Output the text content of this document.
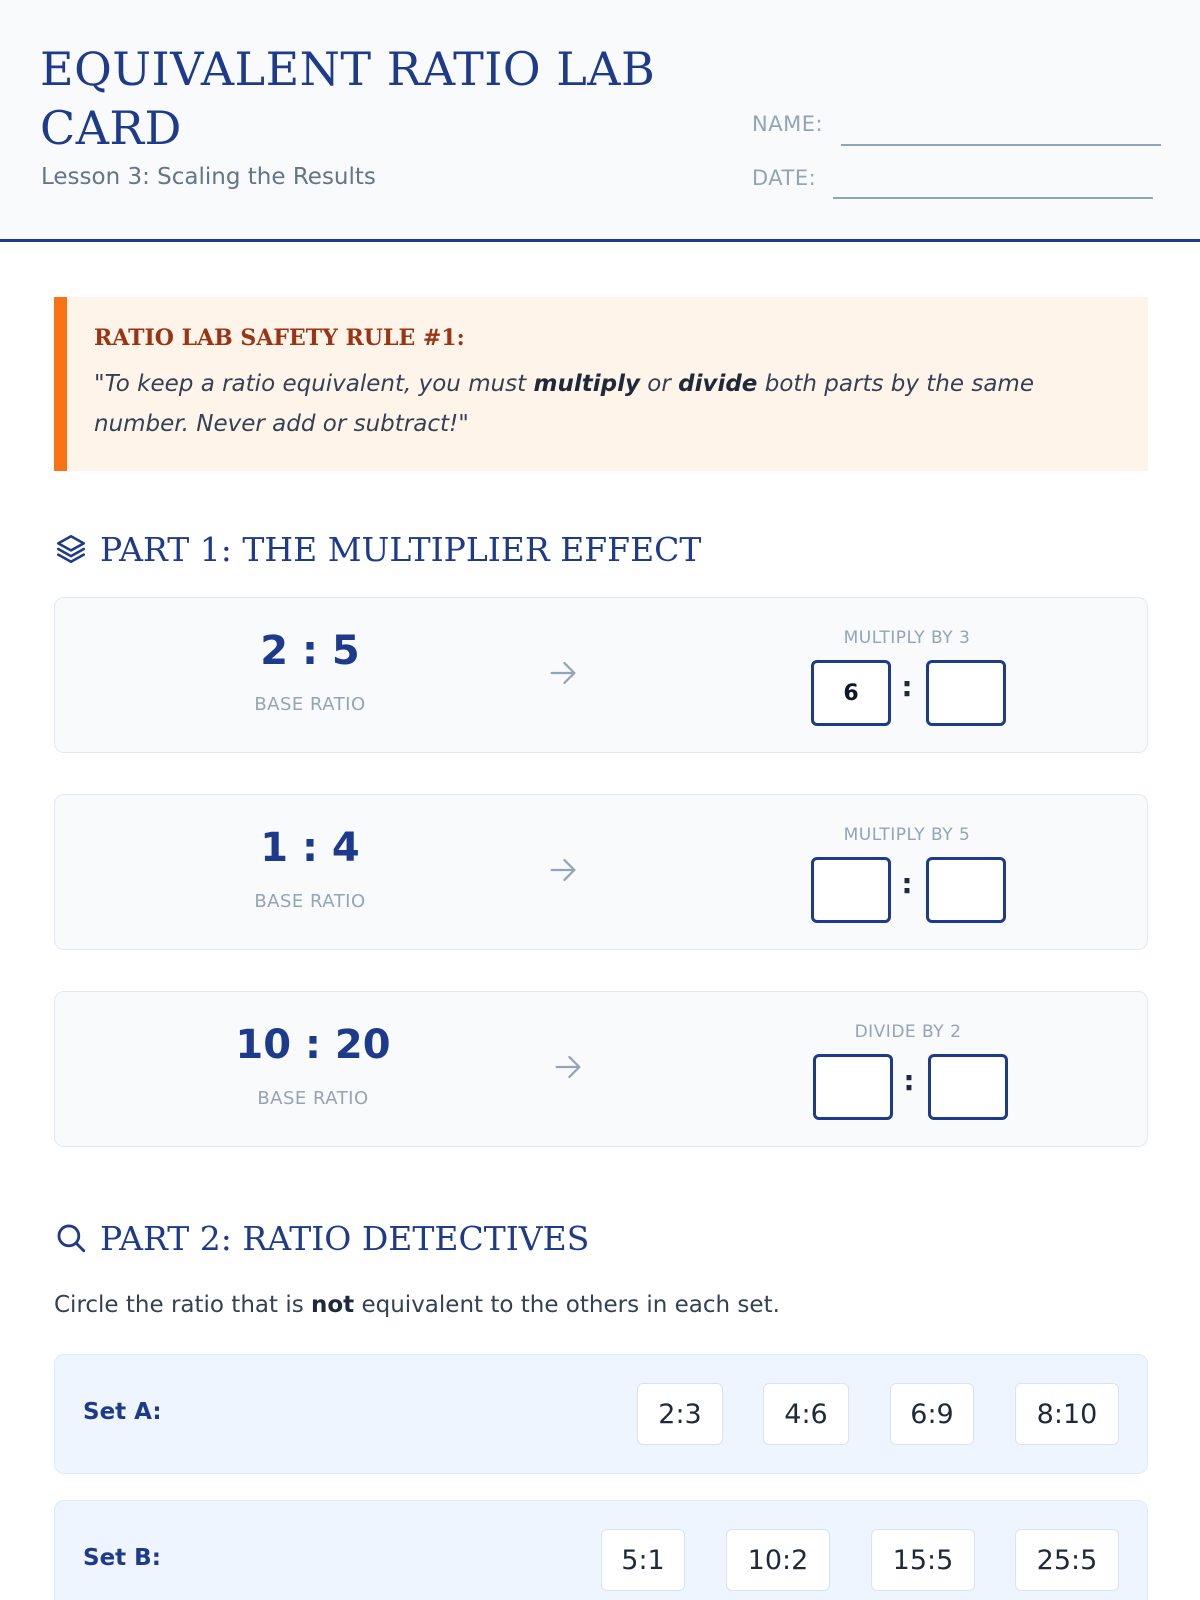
EQUIVALENT RATIO LAB CARD
Lesson 3: Scaling the Results
NAME:
DATE:
RATIO LAB SAFETY RULE #1:
"To keep a ratio equivalent, you must multiply or divide both parts by the same number. Never add or subtract!"
PART 1: THE MULTIPLIER EFFECT
2 : 5
BASE RATIO
MULTIPLY BY 3
6	:
1 : 4
BASE RATIO
MULTIPLY BY 5
:
10 : 20
BASE RATIO
DIVIDE BY 2
:
PART 2: RATIO DETECTIVES
Circle the ratio that is not equivalent to the others in each set.
Set A:	2:3	4:6	6:9	8:10
Set B:	5:1	10:2	15:5	25:5
